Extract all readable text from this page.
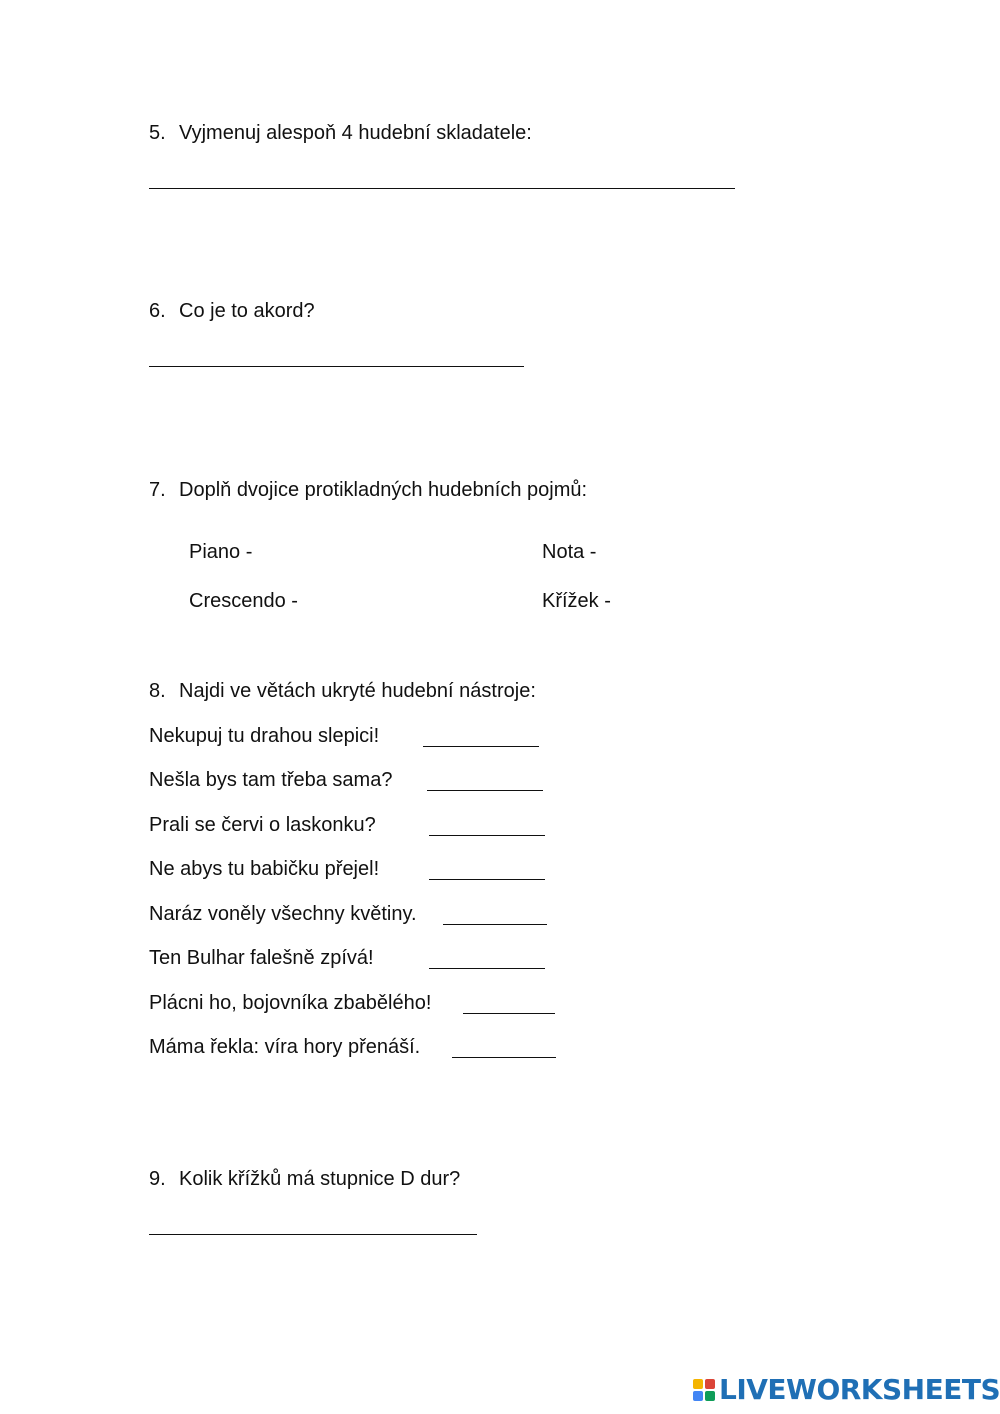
5. Vyjmenuj alespoň 4 hudební skladatele:
6. Co je to akord?
7. Doplň dvojice protikladných hudebních pojmů:
Piano -	Nota -
Crescendo -	Křížek -
8. Najdi ve větách ukryté hudební nástroje:
Nekupuj tu drahou slepici!
Nešla bys tam třeba sama?
Prali se červi o laskonku?
Ne abys tu babičku přejel!
Naráz voněly všechny květiny.
Ten Bulhar falešně zpívá!
Plácni ho, bojovníka zbabělého!
Máma řekla: víra hory přenáší.
9. Kolik křížků má stupnice D dur?
LIVEWORKSHEETS
